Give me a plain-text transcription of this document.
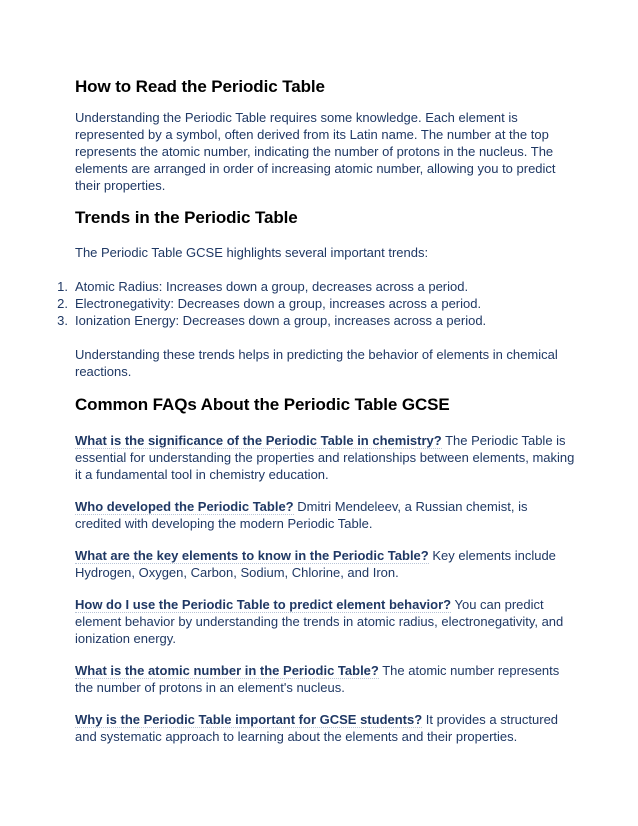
How to Read the Periodic Table

Understanding the Periodic Table requires some knowledge. Each element is represented by a symbol, often derived from its Latin name. The number at the top represents the atomic number, indicating the number of protons in the nucleus. The elements are arranged in order of increasing atomic number, allowing you to predict their properties.

Trends in the Periodic Table

The Periodic Table GCSE highlights several important trends:

1. Atomic Radius: Increases down a group, decreases across a period.
2. Electronegativity: Decreases down a group, increases across a period.
3. Ionization Energy: Decreases down a group, increases across a period.

Understanding these trends helps in predicting the behavior of elements in chemical reactions.

Common FAQs About the Periodic Table GCSE

What is the significance of the Periodic Table in chemistry? The Periodic Table is essential for understanding the properties and relationships between elements, making it a fundamental tool in chemistry education.

Who developed the Periodic Table? Dmitri Mendeleev, a Russian chemist, is credited with developing the modern Periodic Table.

What are the key elements to know in the Periodic Table? Key elements include Hydrogen, Oxygen, Carbon, Sodium, Chlorine, and Iron.

How do I use the Periodic Table to predict element behavior? You can predict element behavior by understanding the trends in atomic radius, electronegativity, and ionization energy.

What is the atomic number in the Periodic Table? The atomic number represents the number of protons in an element's nucleus.

Why is the Periodic Table important for GCSE students? It provides a structured and systematic approach to learning about the elements and their properties.
